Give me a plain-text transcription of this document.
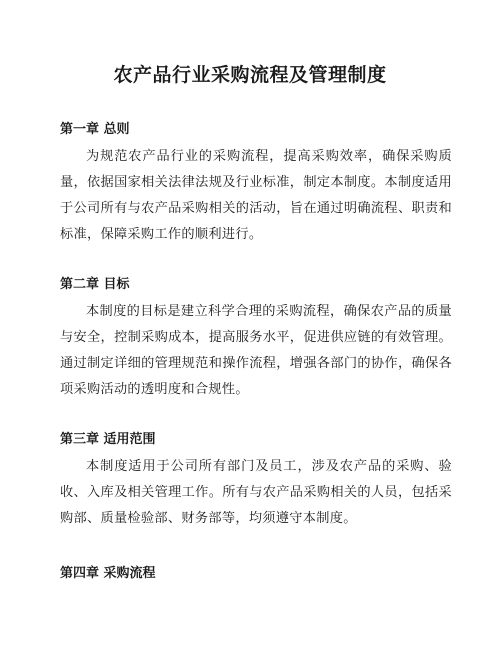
农产品行业采购流程及管理制度
第一章 总则

为规范农产品行业的采购流程，提高采购效率，确保采购质量，依据国家相关法律法规及行业标准，制定本制度。本制度适用于公司所有与农产品采购相关的活动，旨在通过明确流程、职责和标准，保障采购工作的顺利进行。

第二章 目标

本制度的目标是建立科学合理的采购流程，确保农产品的质量与安全，控制采购成本，提高服务水平，促进供应链的有效管理。通过制定详细的管理规范和操作流程，增强各部门的协作，确保各项采购活动的透明度和合规性。

第三章 适用范围

本制度适用于公司所有部门及员工，涉及农产品的采购、验收、入库及相关管理工作。所有与农产品采购相关的人员，包括采购部、质量检验部、财务部等，均须遵守本制度。

第四章 采购流程
